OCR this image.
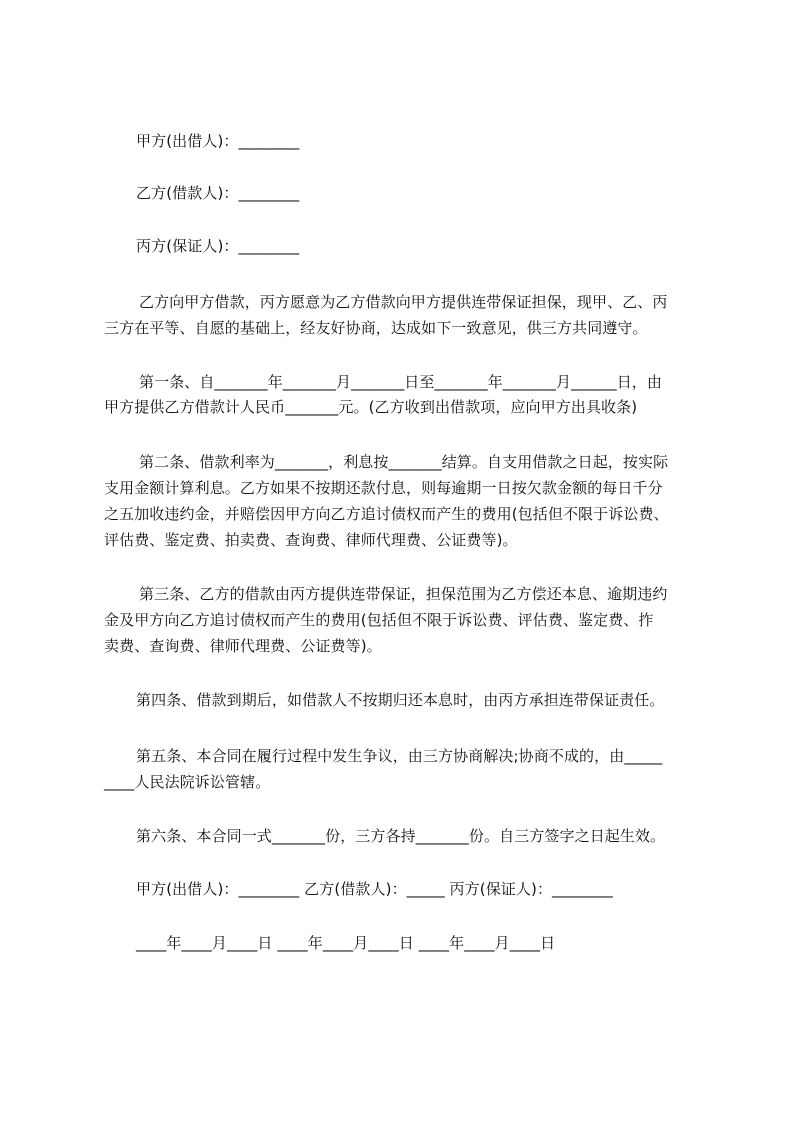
甲方(出借人)：________
乙方(借款人)：________
丙方(保证人)：________
乙方向甲方借款，丙方愿意为乙方借款向甲方提供连带保证担保，现甲、乙、丙
三方在平等、自愿的基础上，经友好协商，达成如下一致意见，供三方共同遵守。
第一条、自_______年_______月_______日至_______年_______月______日，由
甲方提供乙方借款计人民币_______元。(乙方收到出借款项，应向甲方出具收条)
第二条、借款利率为_______，利息按_______结算。自支用借款之日起，按实际
支用金额计算利息。乙方如果不按期还款付息，则每逾期一日按欠款金额的每日千分
之五加收违约金，并赔偿因甲方向乙方追讨债权而产生的费用(包括但不限于诉讼费、
评估费、鉴定费、拍卖费、查询费、律师代理费、公证费等)。
第三条、乙方的借款由丙方提供连带保证，担保范围为乙方偿还本息、逾期违约
金及甲方向乙方追讨债权而产生的费用(包括但不限于诉讼费、评估费、鉴定费、拃
卖费、查询费、律师代理费、公证费等)。
第四条、借款到期后，如借款人不按期归还本息时，由丙方承担连带保证责任。
第五条、本合同在履行过程中发生争议，由三方协商解决;协商不成的，由_____
____人民法院诉讼管辖。
第六条、本合同一式_______份，三方各持_______份。自三方签字之日起生效。
甲方(出借人)：________ 乙方(借款人)：_____ 丙方(保证人)：________
____年____月____日 ____年____月____日 ____年____月____日
